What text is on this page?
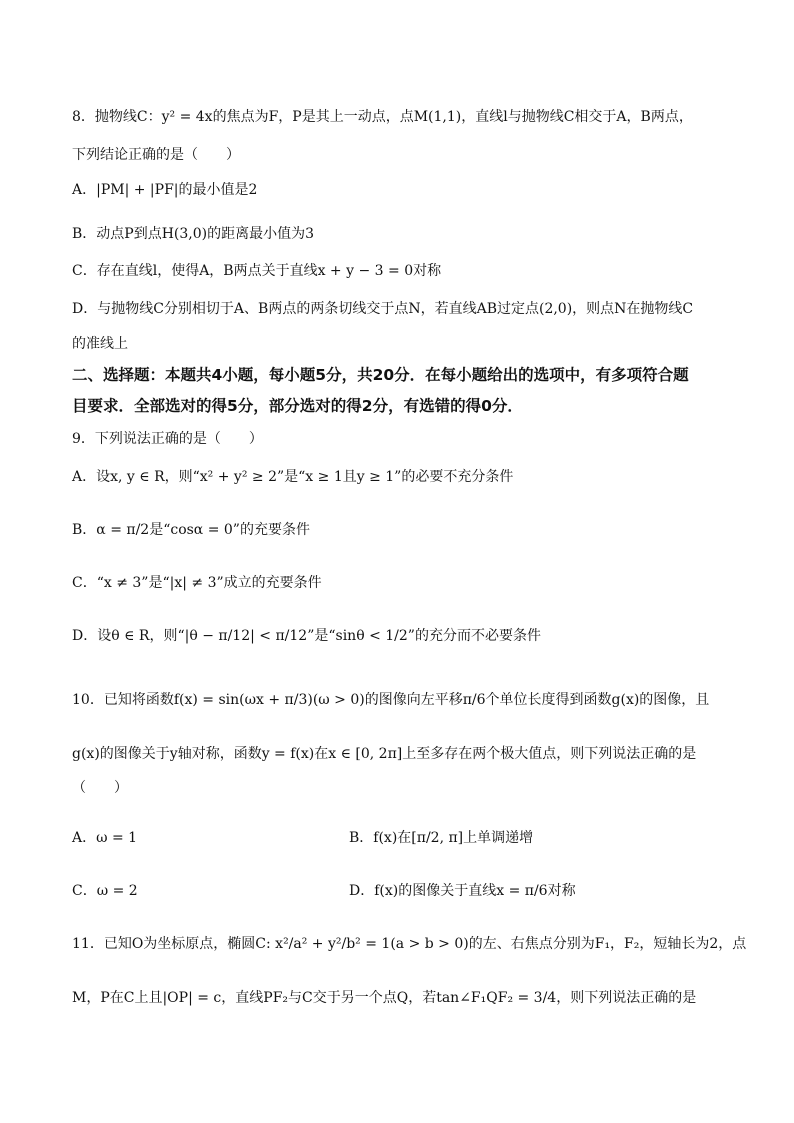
8．抛物线C：y² = 4x的焦点为F，P是其上一动点，点M(1,1)，直线l与抛物线C相交于A，B两点，
下列结论正确的是（　　）
A．|PM| + |PF|的最小值是2
B．动点P到点H(3,0)的距离最小值为3
C．存在直线l，使得A，B两点关于直线x + y − 3 = 0对称
D．与抛物线C分别相切于A、B两点的两条切线交于点N，若直线AB过定点(2,0)，则点N在抛物线C
的准线上
二、选择题：本题共4小题，每小题5分，共20分．在每小题给出的选项中，有多项符合题
目要求．全部选对的得5分，部分选对的得2分，有选错的得0分．
9．下列说法正确的是（　　）
A．设x, y ∈ R，则“x² + y² ≥ 2”是“x ≥ 1且y ≥ 1”的必要不充分条件
B．α = π/2是“cosα = 0”的充要条件
C．“x ≠ 3”是“|x| ≠ 3”成立的充要条件
D．设θ ∈ R，则“|θ − π/12| < π/12”是“sinθ < 1/2”的充分而不必要条件
10．已知将函数f(x) = sin(ωx + π/3)(ω > 0)的图像向左平移π/6个单位长度得到函数g(x)的图像，且
g(x)的图像关于y轴对称，函数y = f(x)在x ∈ [0, 2π]上至多存在两个极大值点，则下列说法正确的是
（　　）
A．ω = 1	B．f(x)在[π/2, π]上单调递增
C．ω = 2	D．f(x)的图像关于直线x = π/6对称
11．已知O为坐标原点，椭圆C: x²/a² + y²/b² = 1(a > b > 0)的左、右焦点分别为F₁，F₂，短轴长为2，点
M，P在C上且|OP| = c，直线PF₂与C交于另一个点Q，若tan∠F₁QF₂ = 3/4，则下列说法正确的是
